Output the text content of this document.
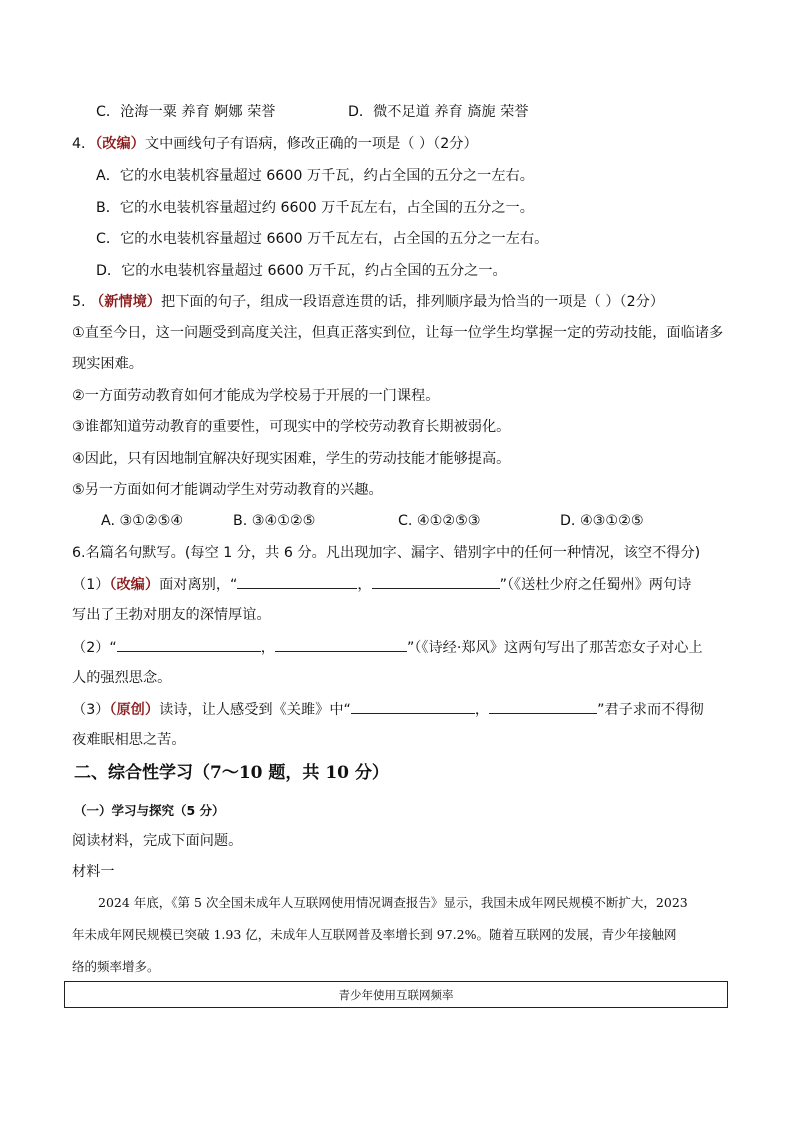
C．沧海一粟 养育 婀娜 荣誉	D．微不足道 养育 旖旎 荣誉
4．（改编）文中画线句子有语病，修改正确的一项是（ ）（2分）
A．它的水电装机容量超过 6600 万千瓦，约占全国的五分之一左右。
B．它的水电装机容量超过约 6600 万千瓦左右，占全国的五分之一。
C．它的水电装机容量超过 6600 万千瓦左右，占全国的五分之一左右。
D．它的水电装机容量超过 6600 万千瓦，约占全国的五分之一。
5. （新情境）把下面的句子，组成一段语意连贯的话，排列顺序最为恰当的一项是（ ）（2分）
①直至今日，这一问题受到高度关注，但真正落实到位，让每一位学生均掌握一定的劳动技能，面临诸多
现实困难。
②一方面劳动教育如何才能成为学校易于开展的一门课程。
③谁都知道劳动教育的重要性，可现实中的学校劳动教育长期被弱化。
④因此，只有因地制宜解决好现实困难，学生的劳动技能才能够提高。
⑤另一方面如何才能调动学生对劳动教育的兴趣。
A. ③①②⑤④	B. ③④①②⑤	C. ④①②⑤③	D. ④③①②⑤
6.名篇名句默写。(每空 1 分，共 6 分。凡出现加字、漏字、错别字中的任何一种情况，该空不得分)
（1）（改编）面对离别，“	，	”（《送杜少府之任蜀州》两句诗
写出了王勃对朋友的深情厚谊。
（2）“	，	”（《诗经·郑风》这两句写出了那苦恋女子对心上
人的强烈思念。
（3）（原创）读诗，让人感受到《关雎》中“	，	”君子求而不得彻
夜难眠相思之苦。
二、综合性学习（7～10 题，共 10 分）
（一）学习与探究（5 分）
阅读材料，完成下面问题。
材料一
2024 年底，《第 5 次全国未成年人互联网使用情况调查报告》显示，我国未成年网民规模不断扩大，2023
年未成年网民规模已突破 1.93 亿，未成年人互联网普及率增长到 97.2%。随着互联网的发展，青少年接触网
络的频率增多。
青少年使用互联网频率
